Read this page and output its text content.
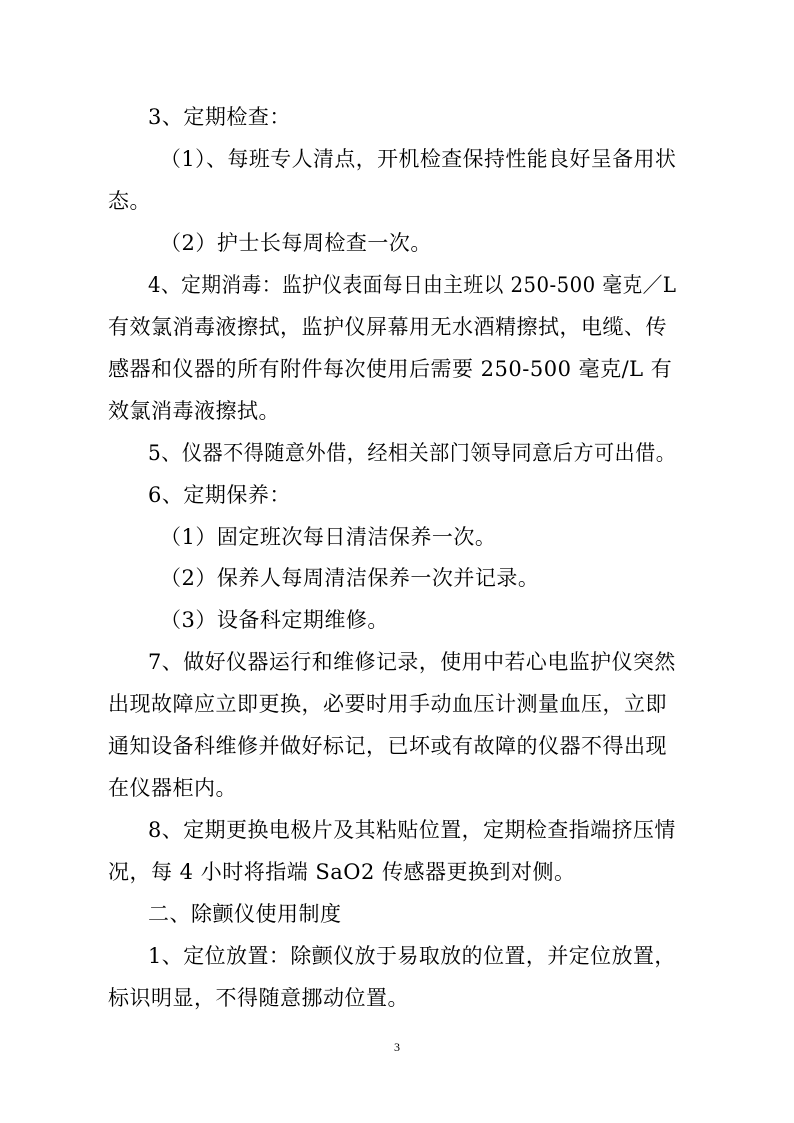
3、定期检查：
（1）、每班专人清点，开机检查保持性能良好呈备用状
态。
（2）护士长每周检查一次。
4、定期消毒：监护仪表面每日由主班以 250-500 毫克／L
有效氯消毒液擦拭，监护仪屏幕用无水酒精擦拭，电缆、传
感器和仪器的所有附件每次使用后需要 250-500 毫克/L 有
效氯消毒液擦拭。
5、仪器不得随意外借，经相关部门领导同意后方可出借。
6、定期保养：
（1）固定班次每日清洁保养一次。
（2）保养人每周清洁保养一次并记录。
（3）设备科定期维修。
7、做好仪器运行和维修记录，使用中若心电监护仪突然
出现故障应立即更换，必要时用手动血压计测量血压，立即
通知设备科维修并做好标记，已坏或有故障的仪器不得出现
在仪器柜内。
8、定期更换电极片及其粘贴位置，定期检查指端挤压情
况，每 4 小时将指端 SaO2 传感器更换到对侧。
二、除颤仪使用制度
1、定位放置：除颤仪放于易取放的位置，并定位放置，
标识明显，不得随意挪动位置。
3
